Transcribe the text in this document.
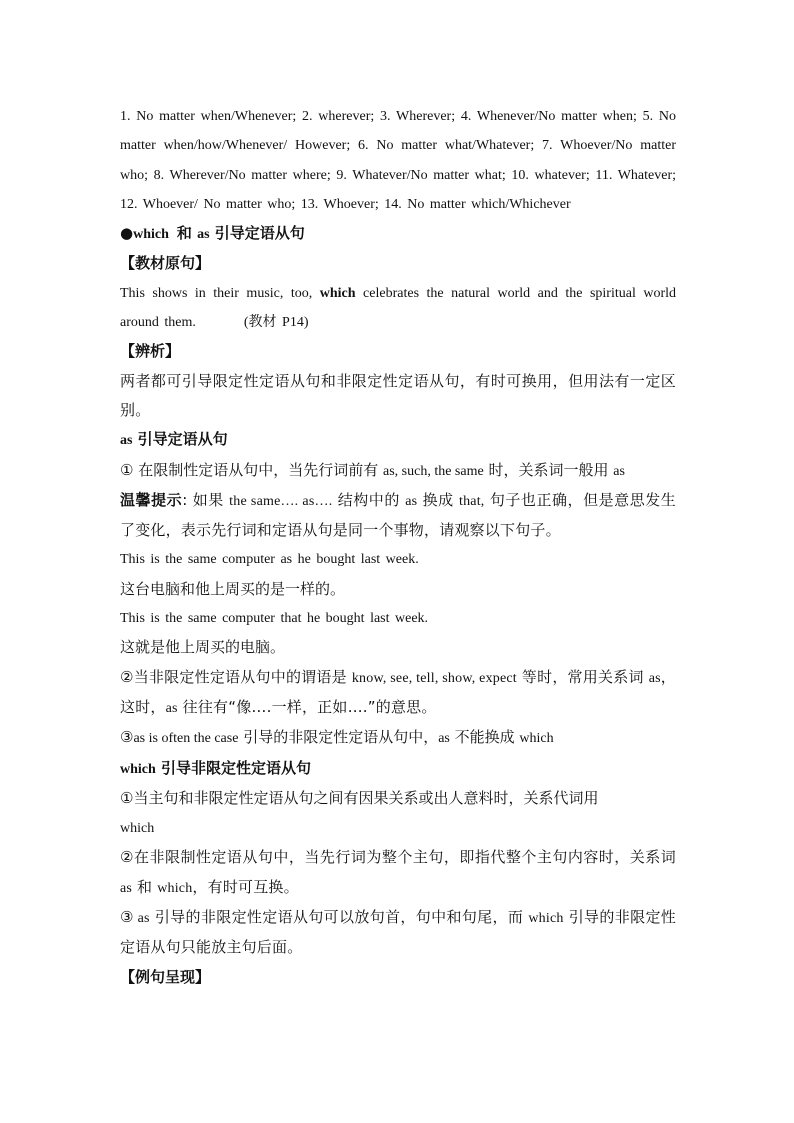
1. No matter when/Whenever; 2. wherever; 3. Wherever; 4. Whenever/No matter when; 5. No matter when/how/Whenever/ However; 6. No matter what/Whatever; 7. Whoever/No matter who; 8. Wherever/No matter where; 9. Whatever/No matter what; 10. whatever; 11. Whatever; 12. Whoever/ No matter who; 13. Whoever; 14. No matter which/Whichever

●which 和 as 引导定语从句

【教材原句】

This shows in their music, too, which celebrates the natural world and the spiritual world around them.	(教材 P14)

【辨析】

两者都可引导限定性定语从句和非限定性定语从句，有时可换用，但用法有一定区别。

as 引导定语从句

① 在限制性定语从句中，当先行词前有 as, such, the same 时，关系词一般用 as

温馨提示: 如果 the same…. as…. 结构中的 as 换成 that, 句子也正确，但是意思发生了变化，表示先行词和定语从句是同一个事物，请观察以下句子。

This is the same computer as he bought last week.

这台电脑和他上周买的是一样的。

This is the same computer that he bought last week.

这就是他上周买的电脑。

②当非限定性定语从句中的谓语是 know, see, tell, show, expect 等时，常用关系词 as，这时，as 往往有“像….一样，正如….”的意思。

③as is often the case 引导的非限定性定语从句中，as 不能换成 which

which 引导非限定性定语从句

①当主句和非限定性定语从句之间有因果关系或出人意料时，关系代词用
which

②在非限制性定语从句中，当先行词为整个主句，即指代整个主句内容时，关系词 as 和 which，有时可互换。

③ as 引导的非限定性定语从句可以放句首，句中和句尾，而 which 引导的非限定性定语从句只能放主句后面。

【例句呈现】
